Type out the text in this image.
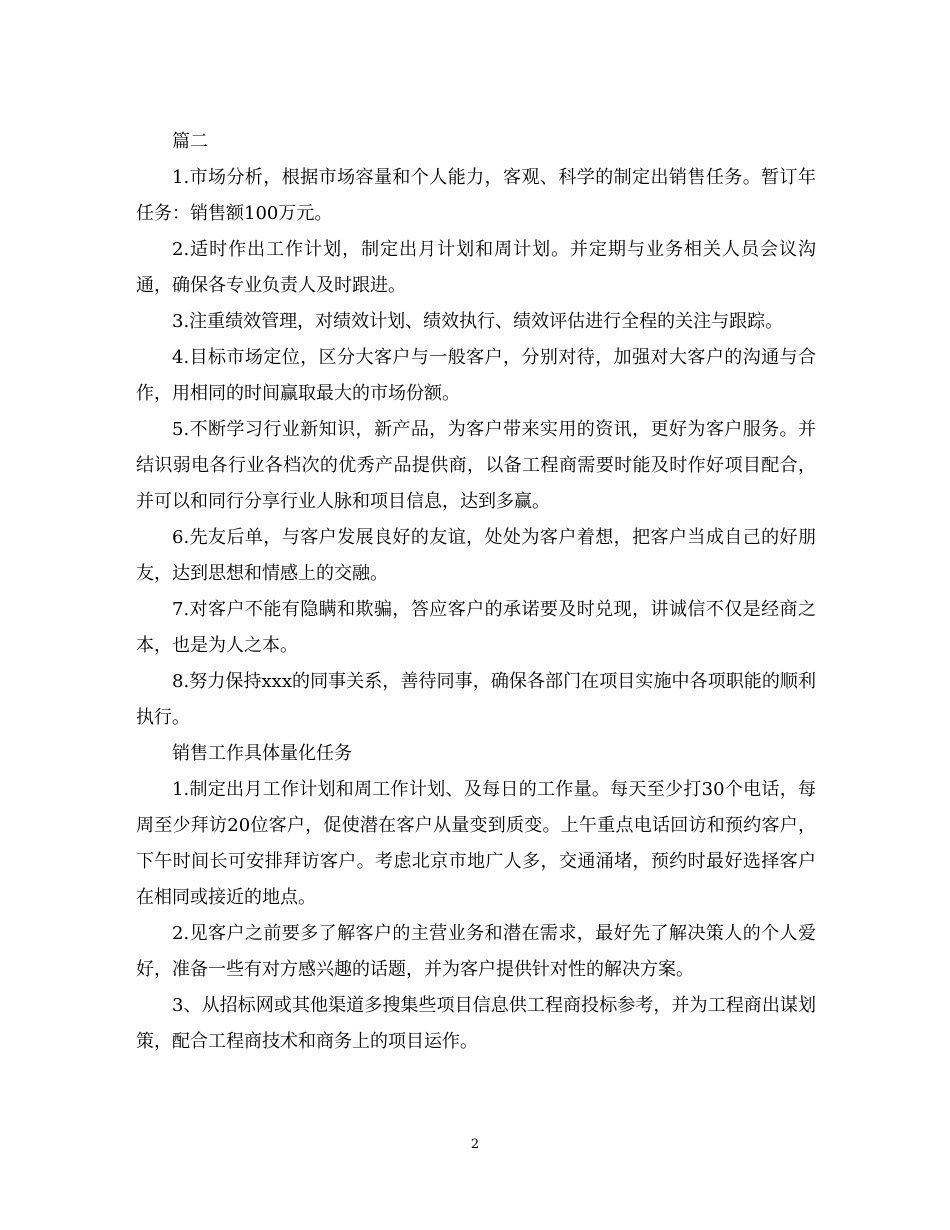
篇二

1.市场分析，根据市场容量和个人能力，客观、科学的制定出销售任务。暂订年任务：销售额100万元。

2.适时作出工作计划，制定出月计划和周计划。并定期与业务相关人员会议沟通，确保各专业负责人及时跟进。

3.注重绩效管理，对绩效计划、绩效执行、绩效评估进行全程的关注与跟踪。

4.目标市场定位，区分大客户与一般客户，分别对待，加强对大客户的沟通与合作，用相同的时间赢取最大的市场份额。

5.不断学习行业新知识，新产品，为客户带来实用的资讯，更好为客户服务。并结识弱电各行业各档次的优秀产品提供商，以备工程商需要时能及时作好项目配合，并可以和同行分享行业人脉和项目信息，达到多赢。

6.先友后单，与客户发展良好的友谊，处处为客户着想，把客户当成自己的好朋友，达到思想和情感上的交融。

7.对客户不能有隐瞒和欺骗，答应客户的承诺要及时兑现，讲诚信不仅是经商之本，也是为人之本。

8.努力保持xxx的同事关系，善待同事，确保各部门在项目实施中各项职能的顺利执行。

销售工作具体量化任务

1.制定出月工作计划和周工作计划、及每日的工作量。每天至少打30个电话，每周至少拜访20位客户，促使潜在客户从量变到质变。上午重点电话回访和预约客户，下午时间长可安排拜访客户。考虑北京市地广人多，交通涌堵，预约时最好选择客户在相同或接近的地点。

2.见客户之前要多了解客户的主营业务和潜在需求，最好先了解决策人的个人爱好，准备一些有对方感兴趣的话题，并为客户提供针对性的解决方案。

3、从招标网或其他渠道多搜集些项目信息供工程商投标参考，并为工程商出谋划策，配合工程商技术和商务上的项目运作。

2
